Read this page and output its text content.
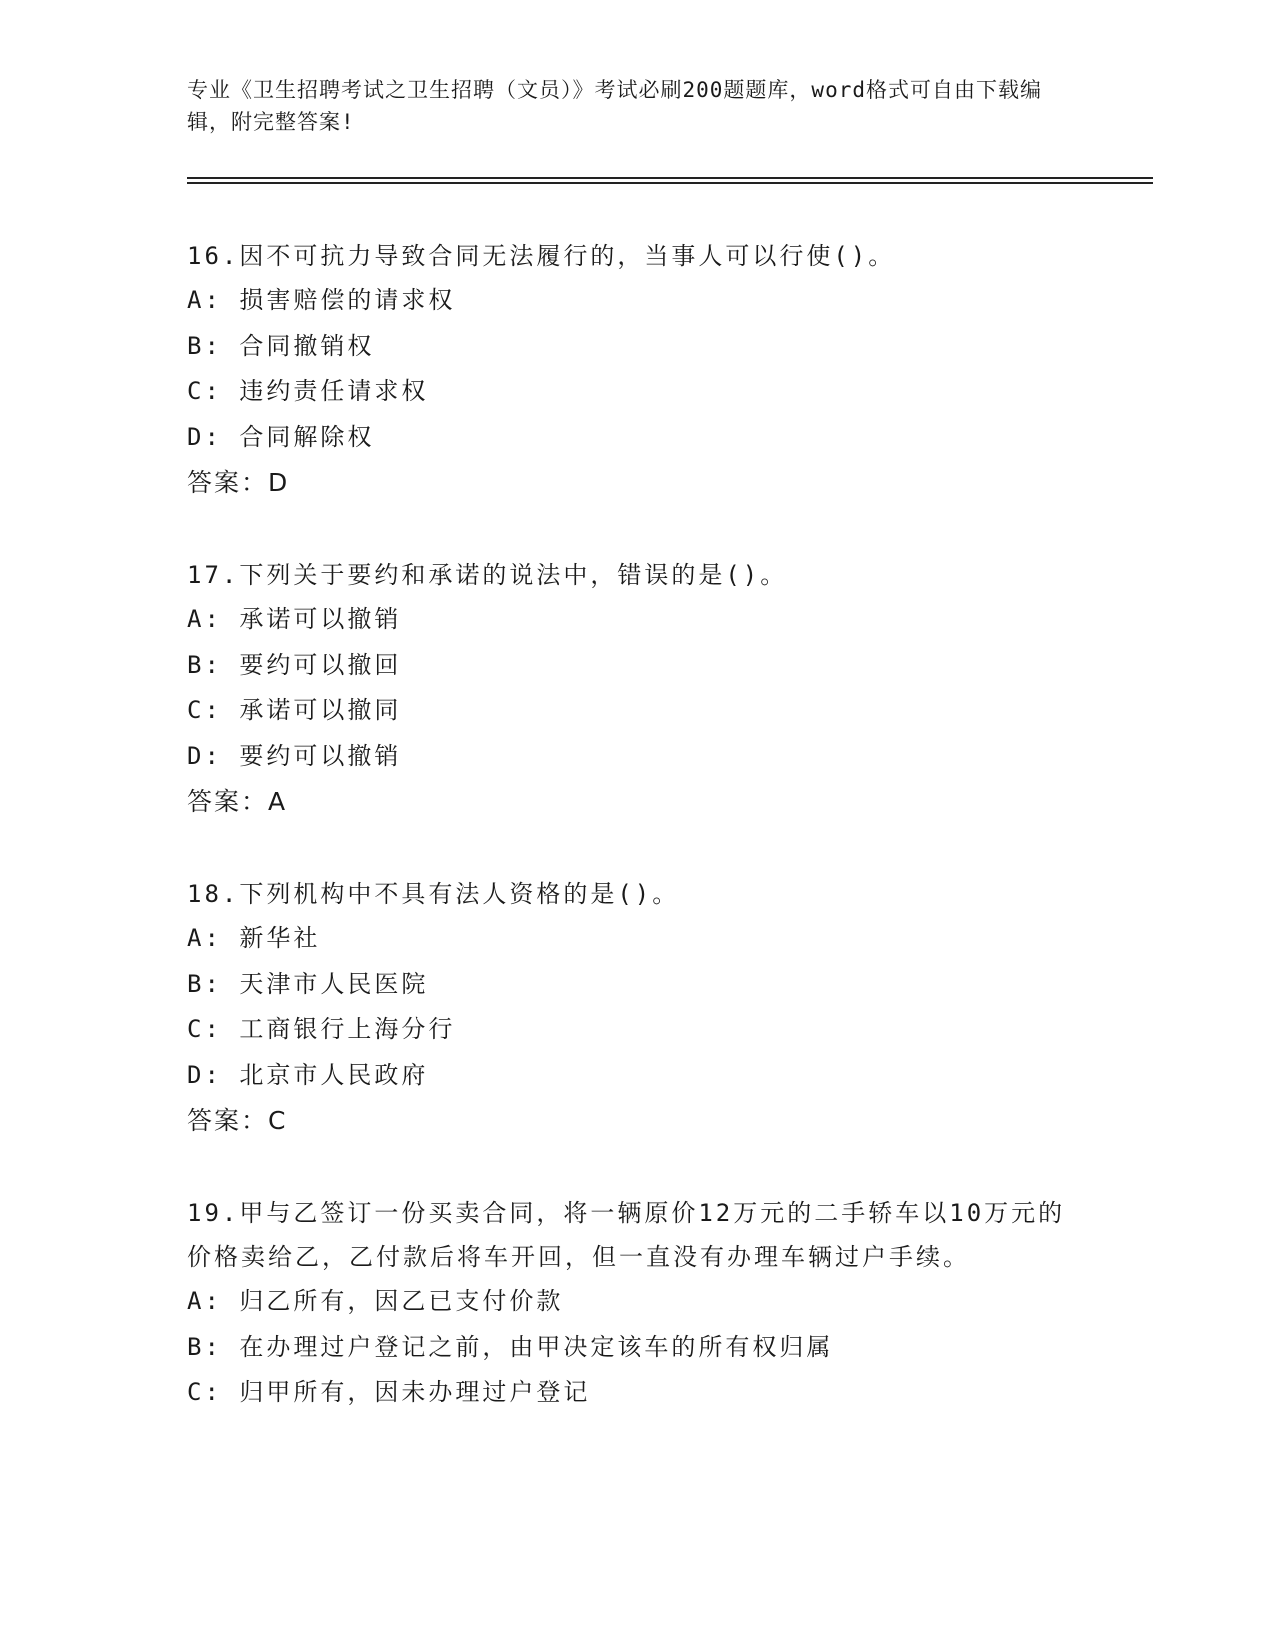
专业《卫生招聘考试之卫生招聘（文员）》考试必刷200题题库，word格式可自由下载编辑，附完整答案!
16.因不可抗力导致合同无法履行的，当事人可以行使()。
A: 损害赔偿的请求权
B: 合同撤销权
C: 违约责任请求权
D: 合同解除权
答案：D
17.下列关于要约和承诺的说法中，错误的是()。
A: 承诺可以撤销
B: 要约可以撤回
C: 承诺可以撤同
D: 要约可以撤销
答案：A
18.下列机构中不具有法人资格的是()。
A: 新华社
B: 天津市人民医院
C: 工商银行上海分行
D: 北京市人民政府
答案：C
19.甲与乙签订一份买卖合同，将一辆原价12万元的二手轿车以10万元的价格卖给乙，乙付款后将车开回，但一直没有办理车辆过户手续。
A: 归乙所有，因乙已支付价款
B: 在办理过户登记之前，由甲决定该车的所有权归属
C: 归甲所有，因未办理过户登记
